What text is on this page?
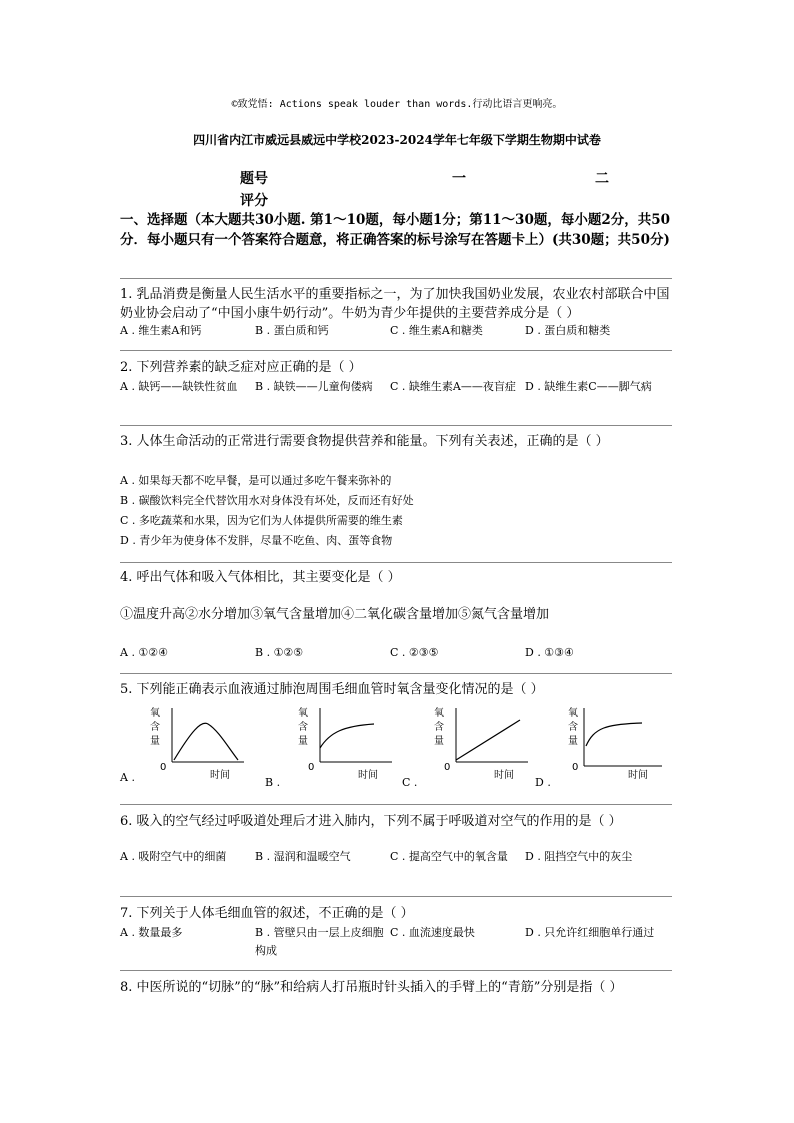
©致党悟: Actions speak louder than words.行动比语言更响亮。
四川省内江市威远县威远中学校2023-2024学年七年级下学期生物期中试卷
题号	一	二
评分
一、选择题（本大题共30小题. 第1～10题，每小题1分；第11～30题，每小题2分，共50分．每小题只有一个答案符合题意，将正确答案的标号涂写在答题卡上）(共30题；共50分)
1. 乳品消费是衡量人民生活水平的重要指标之一，为了加快我国奶业发展，农业农村部联合中国奶业协会启动了“中国小康牛奶行动”。牛奶为青少年提供的主要营养成分是（ ）
A . 维生素A和钙	B . 蛋白质和钙	C . 维生素A和糖类	D . 蛋白质和糖类
2. 下列营养素的缺乏症对应正确的是（ ）
A . 缺钙——缺铁性贫血	B . 缺铁——儿童佝偻病	C . 缺维生素A——夜盲症 D . 缺维生素C——脚气病
3. 人体生命活动的正常进行需要食物提供营养和能量。下列有关表述，正确的是（ ）
A . 如果每天都不吃早餐，是可以通过多吃午餐来弥补的
B . 碳酸饮料完全代替饮用水对身体没有坏处，反而还有好处
C . 多吃蔬菜和水果，因为它们为人体提供所需要的维生素
D . 青少年为使身体不发胖，尽量不吃鱼、肉、蛋等食物
4. 呼出气体和吸入气体相比，其主要变化是（ ）
①温度升高②水分增加③氧气含量增加④二氧化碳含量增加⑤氮气含量增加
A . ①②④	B . ①②⑤	C . ②③⑤	D . ①③④
5. 下列能正确表示血液通过肺泡周围毛细血管时氧含量变化情况的是（ ）
A .
氧
含
量
0
时间
B .
氧
含
量
0
时间
C .
氧
含
量
0
时间
D .
氧
含
量
0
时间
6. 吸入的空气经过呼吸道处理后才进入肺内，下列不属于呼吸道对空气的作用的是（ ）
A . 吸附空气中的细菌	B . 湿润和温暖空气	C . 提高空气中的氧含量	D . 阻挡空气中的灰尘
7. 下列关于人体毛细血管的叙述，不正确的是（ ）
A . 数量最多	B . 管壁只由一层上皮细胞构成
C . 血流速度最快	D . 只允许红细胞单行通过
8. 中医所说的“切脉”的“脉”和给病人打吊瓶时针头插入的手臂上的“青筋”分别是指（ ）
